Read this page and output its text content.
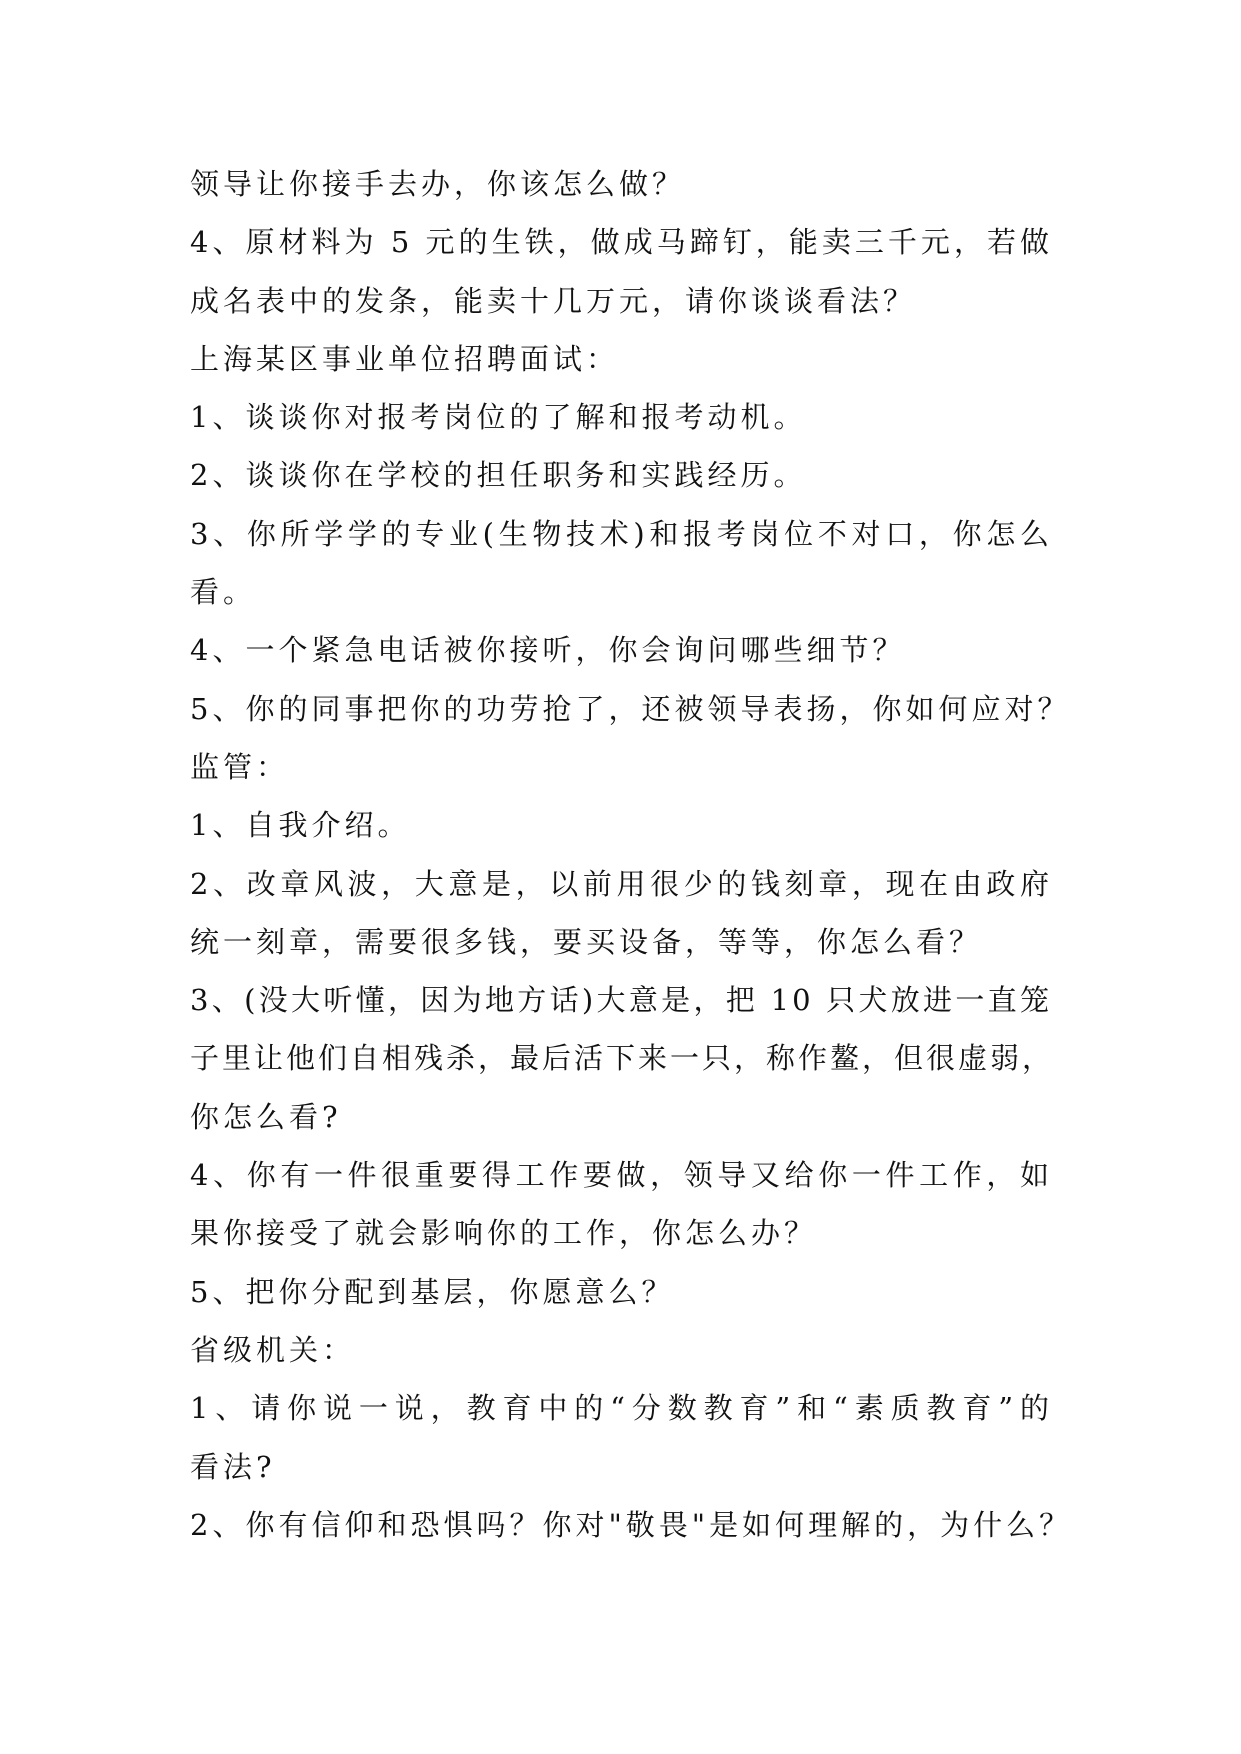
领导让你接手去办，你该怎么做？
4、原材料为 5 元的生铁，做成马蹄钉，能卖三千元，若做
成名表中的发条，能卖十几万元，请你谈谈看法？
上海某区事业单位招聘面试：
1、谈谈你对报考岗位的了解和报考动机。
2、谈谈你在学校的担任职务和实践经历。
3、你所学学的专业(生物技术)和报考岗位不对口，你怎么
看。
4、一个紧急电话被你接听，你会询问哪些细节？
5、你的同事把你的功劳抢了，还被领导表扬，你如何应对？
监管：
1、自我介绍。
2、改章风波，大意是，以前用很少的钱刻章，现在由政府
统一刻章，需要很多钱，要买设备，等等，你怎么看？
3、(没大听懂，因为地方话)大意是，把 10 只犬放进一直笼
子里让他们自相残杀，最后活下来一只，称作鳌，但很虚弱，
你怎么看?
4、你有一件很重要得工作要做，领导又给你一件工作，如
果你接受了就会影响你的工作，你怎么办？
5、把你分配到基层，你愿意么？
省级机关：
1、请你说一说，教育中的“分数教育”和“素质教育”的
看法?
2、你有信仰和恐惧吗？你对"敬畏"是如何理解的，为什么？
